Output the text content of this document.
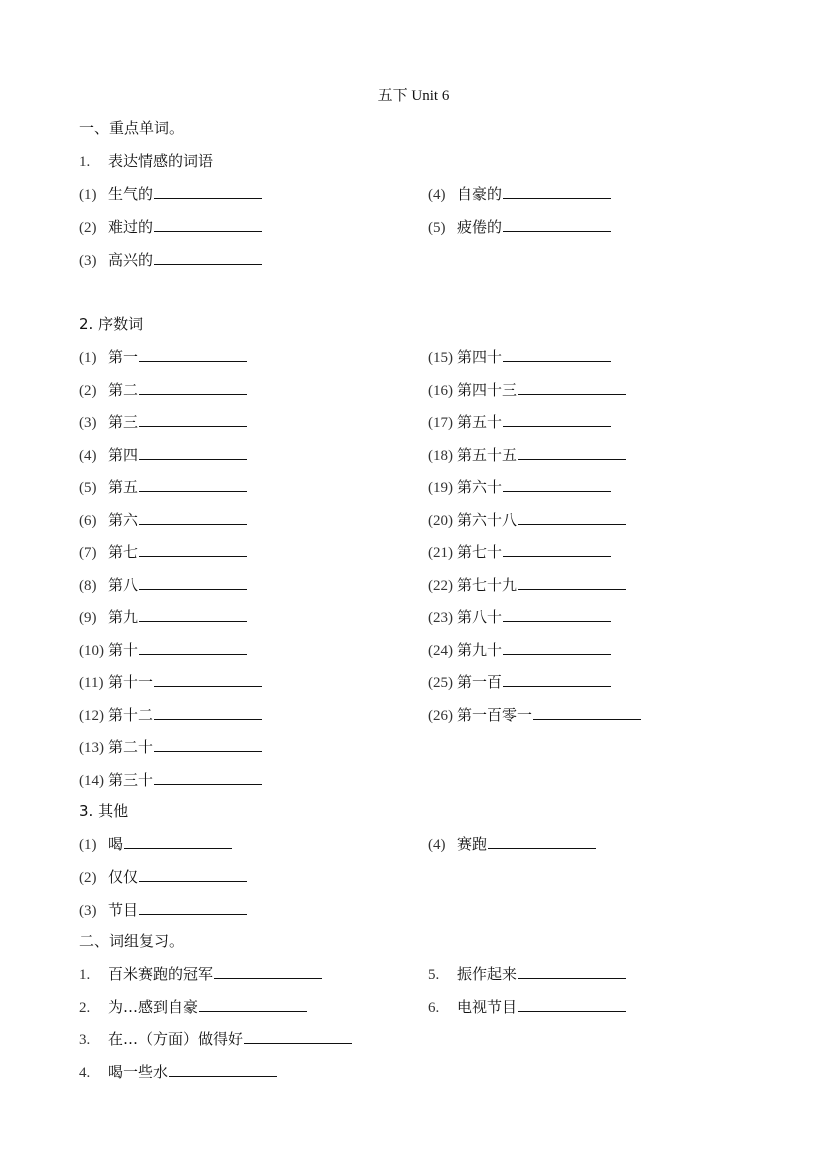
五下 Unit 6
一、重点单词。
1. 表达情感的词语
(1) 生气的
(2) 难过的
(3) 高兴的
(4) 自豪的
(5) 疲倦的
2. 序数词
(1) 第一
(2) 第二
(3) 第三
(4) 第四
(5) 第五
(6) 第六
(7) 第七
(8) 第八
(9) 第九
(10) 第十
(11) 第十一
(12) 第十二
(13) 第二十
(14) 第三十
(15) 第四十
(16) 第四十三
(17) 第五十
(18) 第五十五
(19) 第六十
(20) 第六十八
(21) 第七十
(22) 第七十九
(23) 第八十
(24) 第九十
(25) 第一百
(26) 第一百零一
3. 其他
(1) 喝
(2) 仅仅
(3) 节目
(4) 赛跑
二、词组复习。
1. 百米赛跑的冠军
2. 为…感到自豪
3. 在…（方面）做得好
4. 喝一些水
5. 振作起来
6. 电视节目
